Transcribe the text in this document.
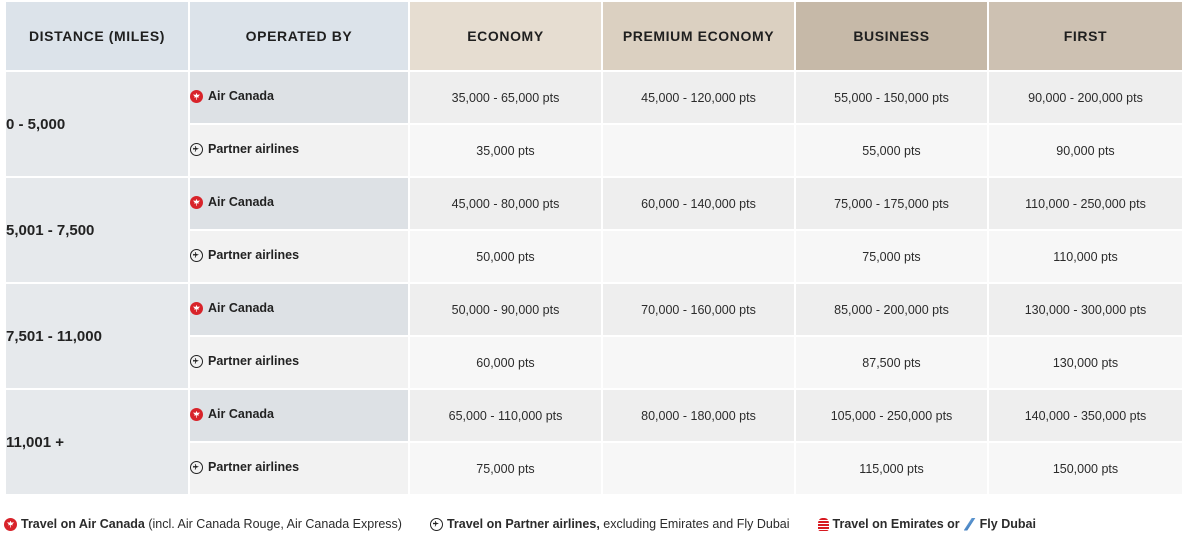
DISTANCE (MILES)	OPERATED BY	ECONOMY	PREMIUM ECONOMY	BUSINESS	FIRST
0 - 5,000	Air Canada	35,000 - 65,000 pts	45,000 - 120,000 pts	55,000 - 150,000 pts	90,000 - 200,000 pts

	Partner airlines	35,000 pts		55,000 pts	90,000 pts
5,001 - 7,500	Air Canada	45,000 - 80,000 pts	60,000 - 140,000 pts	75,000 - 175,000 pts	110,000 - 250,000 pts

	Partner airlines	50,000 pts		75,000 pts	110,000 pts
7,501 - 11,000	Air Canada	50,000 - 90,000 pts	70,000 - 160,000 pts	85,000 - 200,000 pts	130,000 - 300,000 pts

	Partner airlines	60,000 pts		87,500 pts	130,000 pts
11,001 +	Air Canada	65,000 - 110,000 pts	80,000 - 180,000 pts	105,000 - 250,000 pts	140,000 - 350,000 pts

	Partner airlines	75,000 pts		115,000 pts	150,000 pts
Travel on Air Canada (incl. Air Canada Rouge, Air Canada Express)	Travel on Partner airlines, excluding Emirates and Fly Dubai	Travel on Emirates or Fly Dubai
